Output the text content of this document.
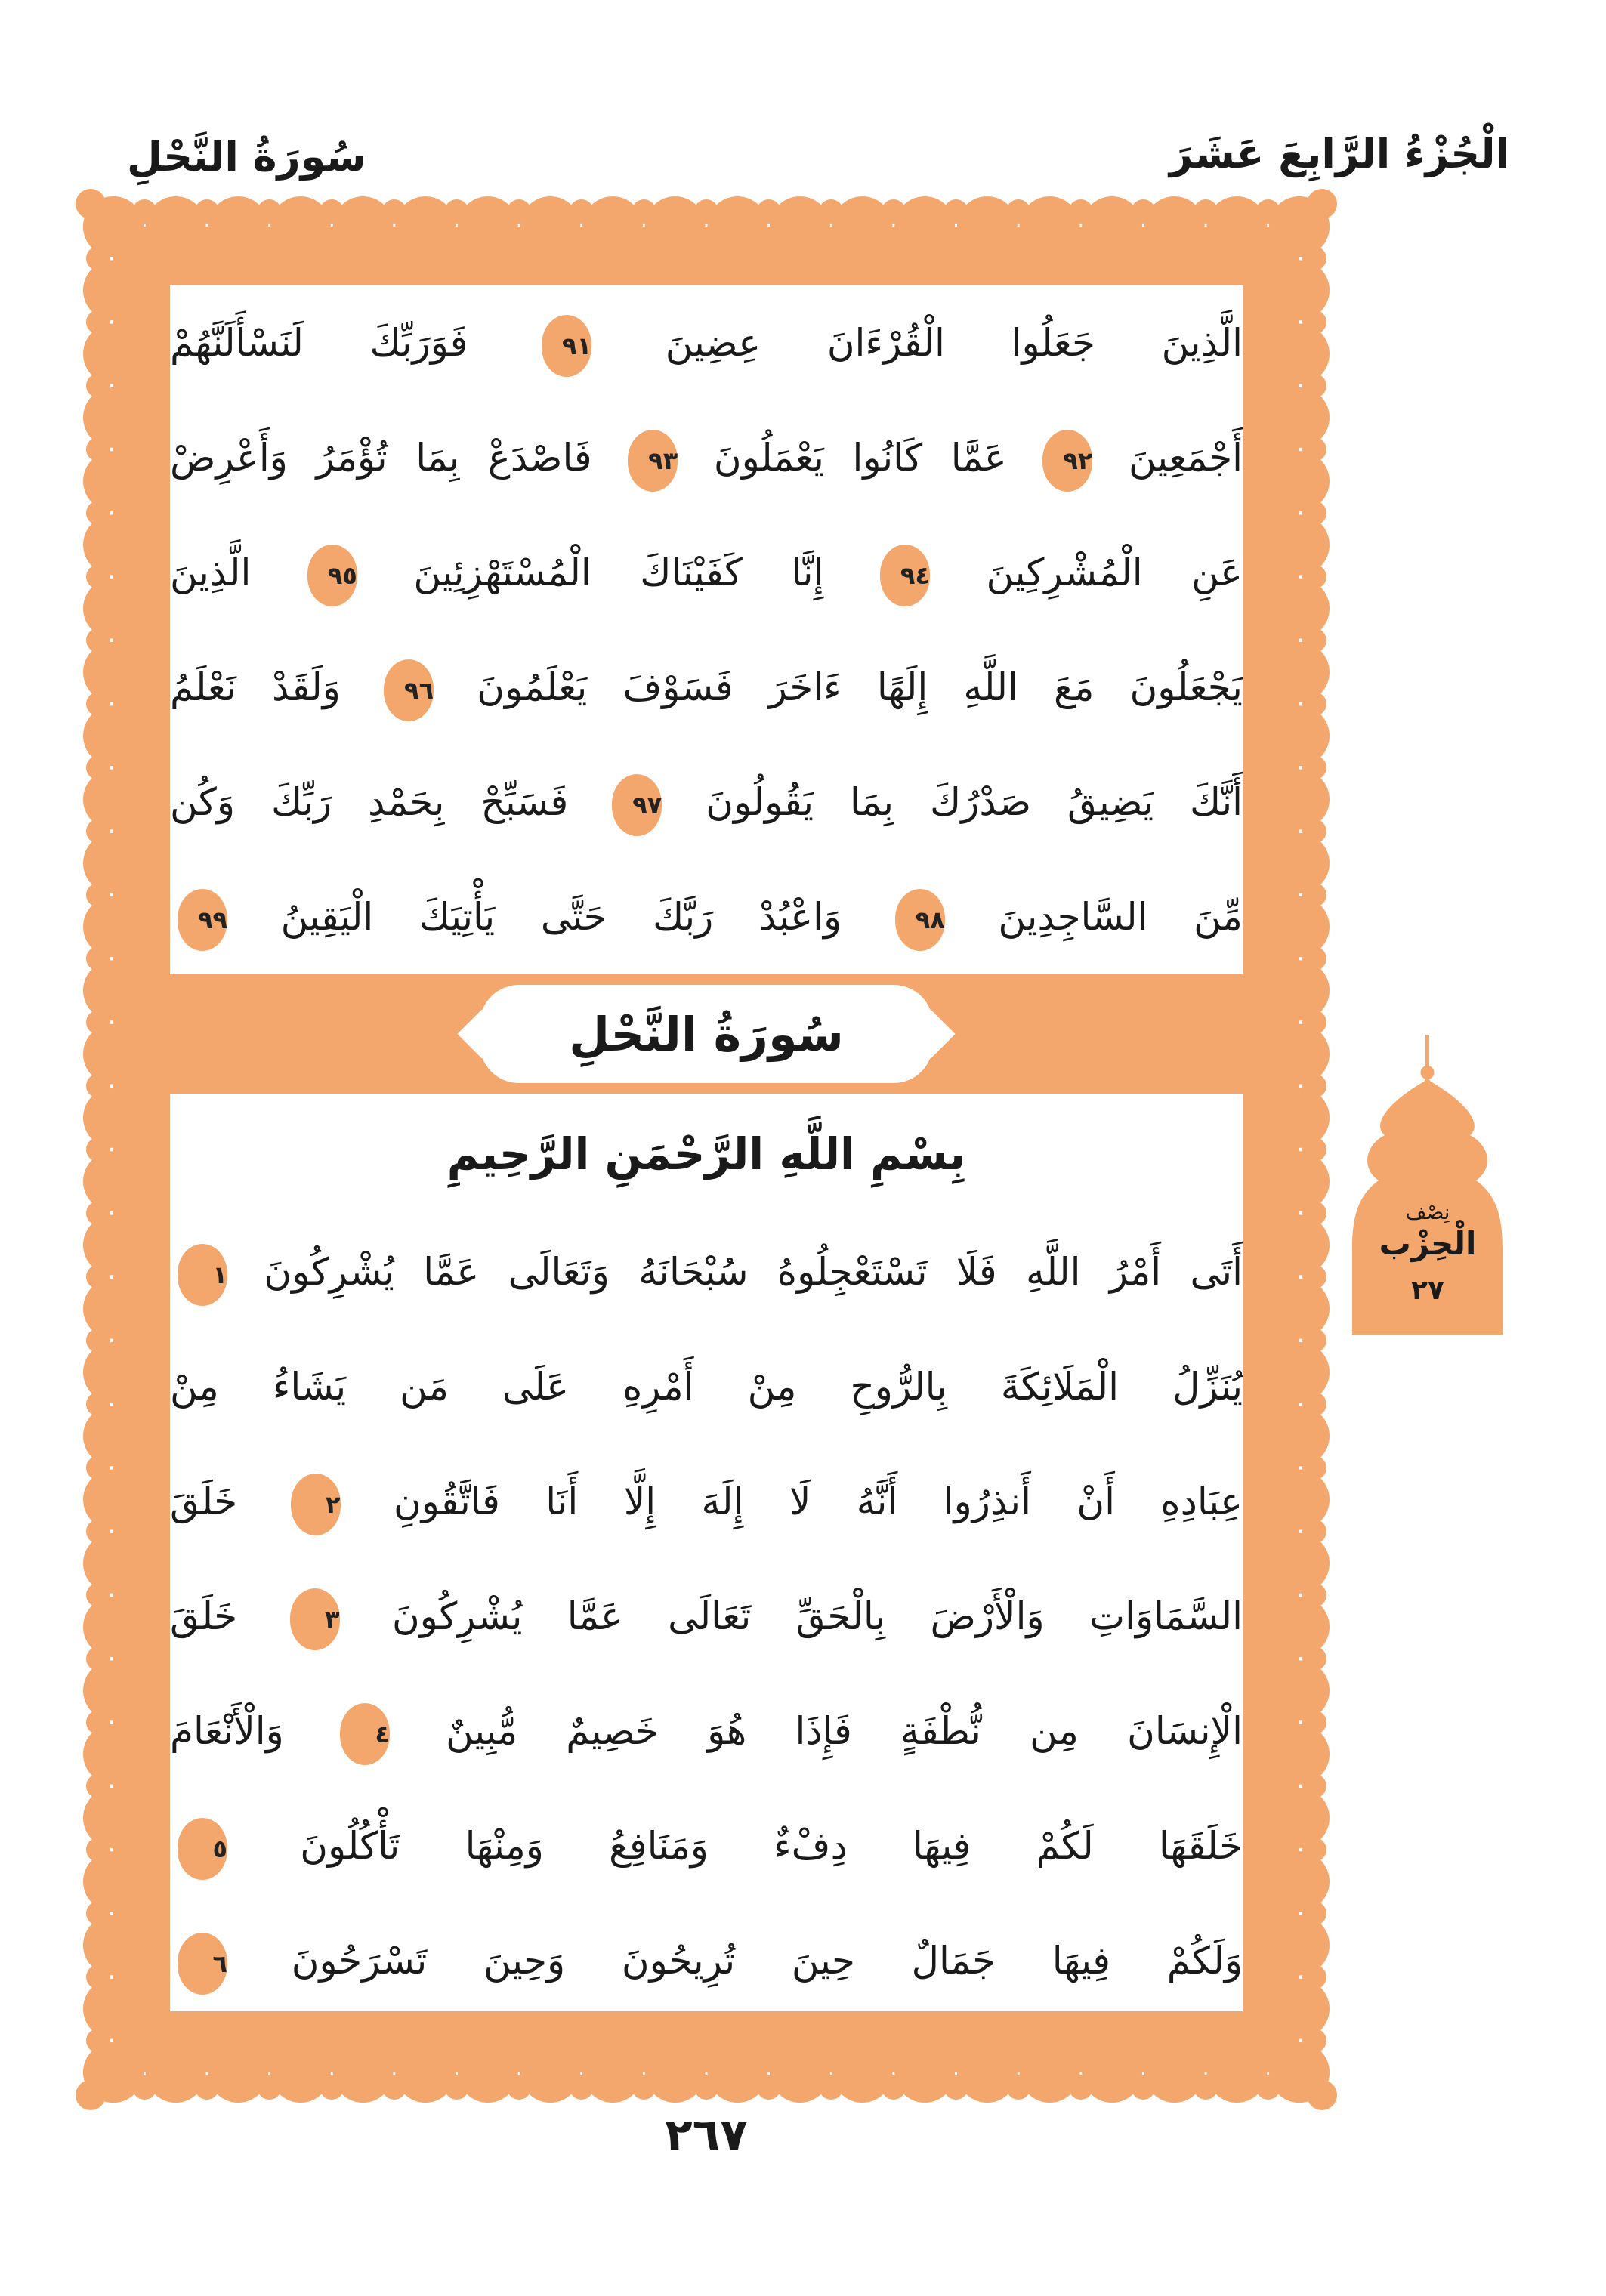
سُورَةُ النَّحْلِ	الْجُزْءُ الرَّابِعَ عَشَرَ
الَّذِينَ جَعَلُوا الْقُرْءَانَ عِضِينَ ٩١ فَوَرَبِّكَ لَنَسْأَلَنَّهُمْ
أَجْمَعِينَ ٩٢ عَمَّا كَانُوا يَعْمَلُونَ ٩٣ فَاصْدَعْ بِمَا تُؤْمَرُ وَأَعْرِضْ
عَنِ الْمُشْرِكِينَ ٩٤ إِنَّا كَفَيْنَاكَ الْمُسْتَهْزِئِينَ ٩٥ الَّذِينَ
يَجْعَلُونَ مَعَ اللَّهِ إِلَهًا ءَاخَرَ فَسَوْفَ يَعْلَمُونَ ٩٦ وَلَقَدْ نَعْلَمُ
أَنَّكَ يَضِيقُ صَدْرُكَ بِمَا يَقُولُونَ ٩٧ فَسَبِّحْ بِحَمْدِ رَبِّكَ وَكُن
مِّنَ السَّاجِدِينَ ٩٨ وَاعْبُدْ رَبَّكَ حَتَّى يَأْتِيَكَ الْيَقِينُ ٩٩
سُورَةُ النَّحْلِ
بِسْمِ اللَّهِ الرَّحْمَنِ الرَّحِيمِ
أَتَى أَمْرُ اللَّهِ فَلَا تَسْتَعْجِلُوهُ سُبْحَانَهُ وَتَعَالَى عَمَّا يُشْرِكُونَ ١
يُنَزِّلُ الْمَلَائِكَةَ بِالرُّوحِ مِنْ أَمْرِهِ عَلَى مَن يَشَاءُ مِنْ
عِبَادِهِ أَنْ أَنذِرُوا أَنَّهُ لَا إِلَهَ إِلَّا أَنَا فَاتَّقُونِ ٢ خَلَقَ
السَّمَاوَاتِ وَالْأَرْضَ بِالْحَقِّ تَعَالَى عَمَّا يُشْرِكُونَ ٣ خَلَقَ
الْإِنسَانَ مِن نُّطْفَةٍ فَإِذَا هُوَ خَصِيمٌ مُّبِينٌ ٤ وَالْأَنْعَامَ
خَلَقَهَا لَكُمْ فِيهَا دِفْءٌ وَمَنَافِعُ وَمِنْهَا تَأْكُلُونَ ٥
وَلَكُمْ فِيهَا جَمَالٌ حِينَ تُرِيحُونَ وَحِينَ تَسْرَحُونَ ٦
نِصْف
الْحِزْب
٢٧
٢٦٧
